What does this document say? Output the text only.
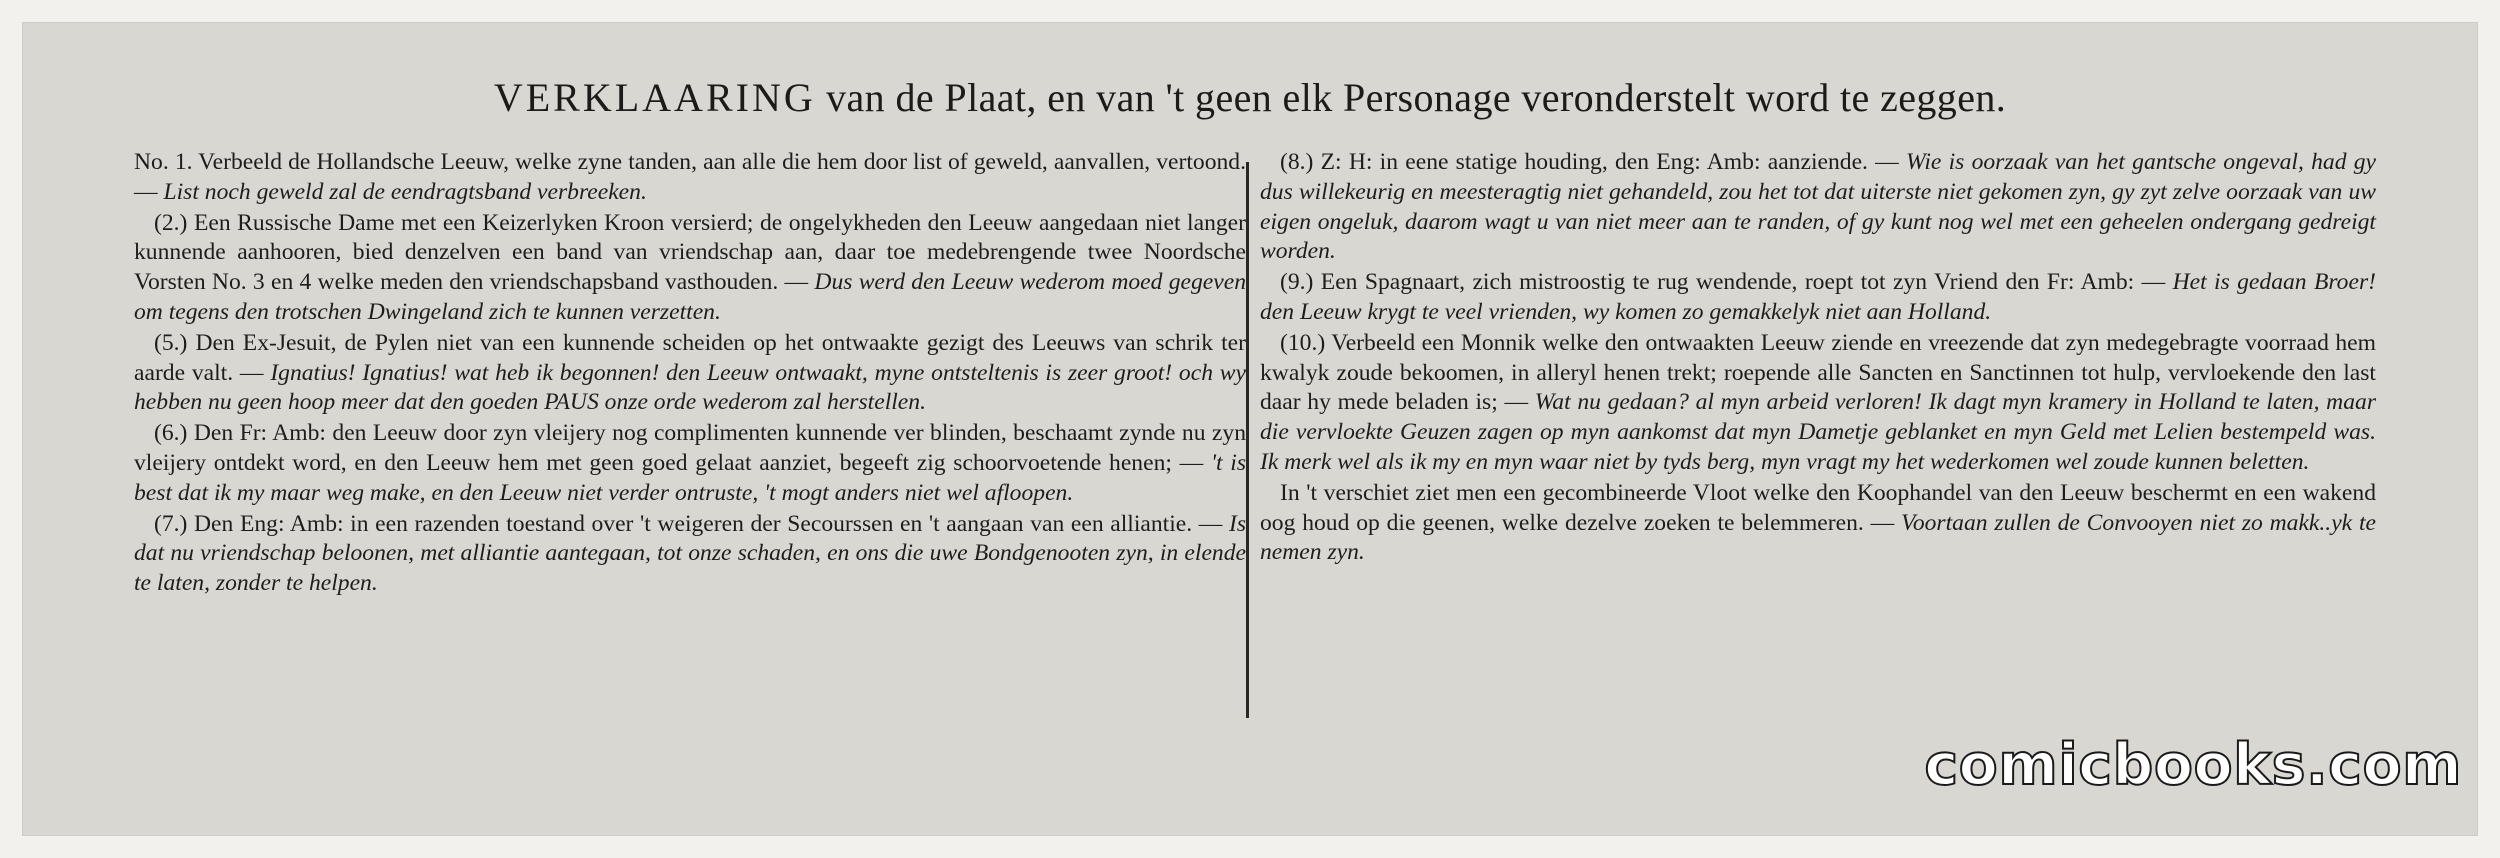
VERKLAARING van de Plaat, en van 't geen elk Personage veronderstelt word te zeggen.

No. 1. Verbeeld de Hollandsche Leeuw, welke zyne tanden, aan alle die hem door list of geweld, aanvallen, vertoond. — List noch geweld zal de eendragtsband verbreeken.

(2.) Een Russische Dame met een Keizerlyken Kroon versierd; de ongelykheden den Leeuw aangedaan niet langer kunnende aanhooren, bied denzelven een band van vriendschap aan, daar toe medebrengende twee Noordsche Vorsten No. 3 en 4 welke meden den vriendschapsband vasthouden. — Dus werd den Leeuw wederom moed gegeven om tegens den trotschen Dwingeland zich te kunnen verzetten.

(5.) Den Ex-Jesuit, de Pylen niet van een kunnende scheiden op het ontwaakte gezigt des Leeuws van schrik ter aarde valt. — Ignatius! Ignatius! wat heb ik begonnen! den Leeuw ontwaakt, myne ontsteltenis is zeer groot! och wy hebben nu geen hoop meer dat den goeden PAUS onze orde wederom zal herstellen.

(6.) Den Fr: Amb: den Leeuw door zyn vleijery nog complimenten kunnende ver blinden, beschaamt zynde nu zyn vleijery ontdekt word, en den Leeuw hem met geen goed gelaat aanziet, begeeft zig schoorvoetende henen; — 't is best dat ik my maar weg make, en den Leeuw niet verder ontruste, 't mogt anders niet wel afloopen.

(7.) Den Eng: Amb: in een razenden toestand over 't weigeren der Secourssen en 't aangaan van een alliantie. — Is dat nu vriendschap beloonen, met alliantie aantegaan, tot onze schaden, en ons die uwe Bondgenooten zyn, in elende te laten, zonder te helpen.

(8.) Z: H: in eene statige houding, den Eng: Amb: aanziende. — Wie is oorzaak van het gantsche ongeval, had gy dus willekeurig en meesteragtig niet gehandeld, zou het tot dat uiterste niet gekomen zyn, gy zyt zelve oorzaak van uw eigen ongeluk, daarom wagt u van niet meer aan te randen, of gy kunt nog wel met een geheelen ondergang gedreigt worden.

(9.) Een Spagnaart, zich mistroostig te rug wendende, roept tot zyn Vriend den Fr: Amb: — Het is gedaan Broer! den Leeuw krygt te veel vrienden, wy komen zo gemakkelyk niet aan Holland.

(10.) Verbeeld een Monnik welke den ontwaakten Leeuw ziende en vreezende dat zyn medegebragte voorraad hem kwalyk zoude bekoomen, in alleryl henen trekt; roepende alle Sancten en Sanctinnen tot hulp, vervloekende den last daar hy mede beladen is; — Wat nu gedaan? al myn arbeid verloren! Ik dagt myn kramery in Holland te laten, maar die vervloekte Geuzen zagen op myn aankomst dat myn Dametje geblanket en myn Geld met Lelien bestempeld was. Ik merk wel als ik my en myn waar niet by tyds berg, myn vragt my het wederkomen wel zoude kunnen beletten.

In 't verschiet ziet men een gecombineerde Vloot welke den Koophandel van den Leeuw beschermt en een wakend oog houd op die geenen, welke dezelve zoeken te belemmeren. — Voortaan zullen de Convooyen niet zo makk..yk te nemen zyn.

comicbooks.com
